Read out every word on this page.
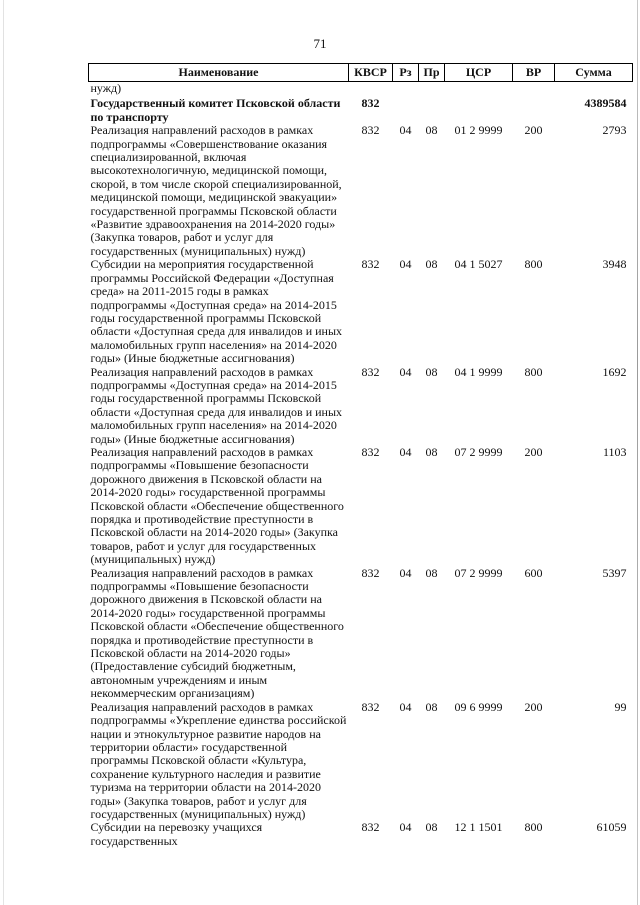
71
Наименование	КВСР	Рз	Пр	ЦСР	ВР	Сумма
нужд)						
Государственный комитет Псковской области по транспорту	832					4389584
Реализация направлений расходов в рамках подпрограммы «Совершенствование оказания специализированной, включая высокотехнологичную, медицинской помощи, скорой, в том числе скорой специализированной, медицинской помощи, медицинской эвакуации» государственной программы Псковской области «Развитие здравоохранения на 2014-2020 годы» (Закупка товаров, работ и услуг для государственных (муниципальных) нужд)	832	04	08	01 2 9999	200	2793
Субсидии на мероприятия государственной программы Российской Федерации «Доступная среда» на 2011-2015 годы в рамках подпрограммы «Доступная среда» на 2014-2015 годы государственной программы Псковской области «Доступная среда для инвалидов и иных маломобильных групп населения» на 2014-2020 годы» (Иные бюджетные ассигнования)	832	04	08	04 1 5027	800	3948
Реализация направлений расходов в рамках подпрограммы «Доступная среда» на 2014-2015 годы государственной программы Псковской области «Доступная среда для инвалидов и иных маломобильных групп населения» на 2014-2020 годы» (Иные бюджетные ассигнования)	832	04	08	04 1 9999	800	1692
Реализация направлений расходов в рамках подпрограммы «Повышение безопасности дорожного движения в Псковской области на 2014-2020 годы» государственной программы Псковской области «Обеспечение общественного порядка и противодействие преступности в Псковской области на 2014-2020 годы» (Закупка товаров, работ и услуг для государственных (муниципальных) нужд)	832	04	08	07 2 9999	200	1103
Реализация направлений расходов в рамках подпрограммы «Повышение безопасности дорожного движения в Псковской области на 2014-2020 годы» государственной программы Псковской области «Обеспечение общественного порядка и противодействие преступности в Псковской области на 2014-2020 годы» (Предоставление субсидий бюджетным, автономным учреждениям и иным некоммерческим организациям)	832	04	08	07 2 9999	600	5397
Реализация направлений расходов в рамках подпрограммы «Укрепление единства российской нации и этнокультурное развитие народов на территории области» государственной программы Псковской области «Культура, сохранение культурного наследия и развитие туризма на территории области на 2014-2020 годы» (Закупка товаров, работ и услуг для государственных (муниципальных) нужд)	832	04	08	09 6 9999	200	99
Субсидии на перевозку учащихся государственных	832	04	08	12 1 1501	800	61059
